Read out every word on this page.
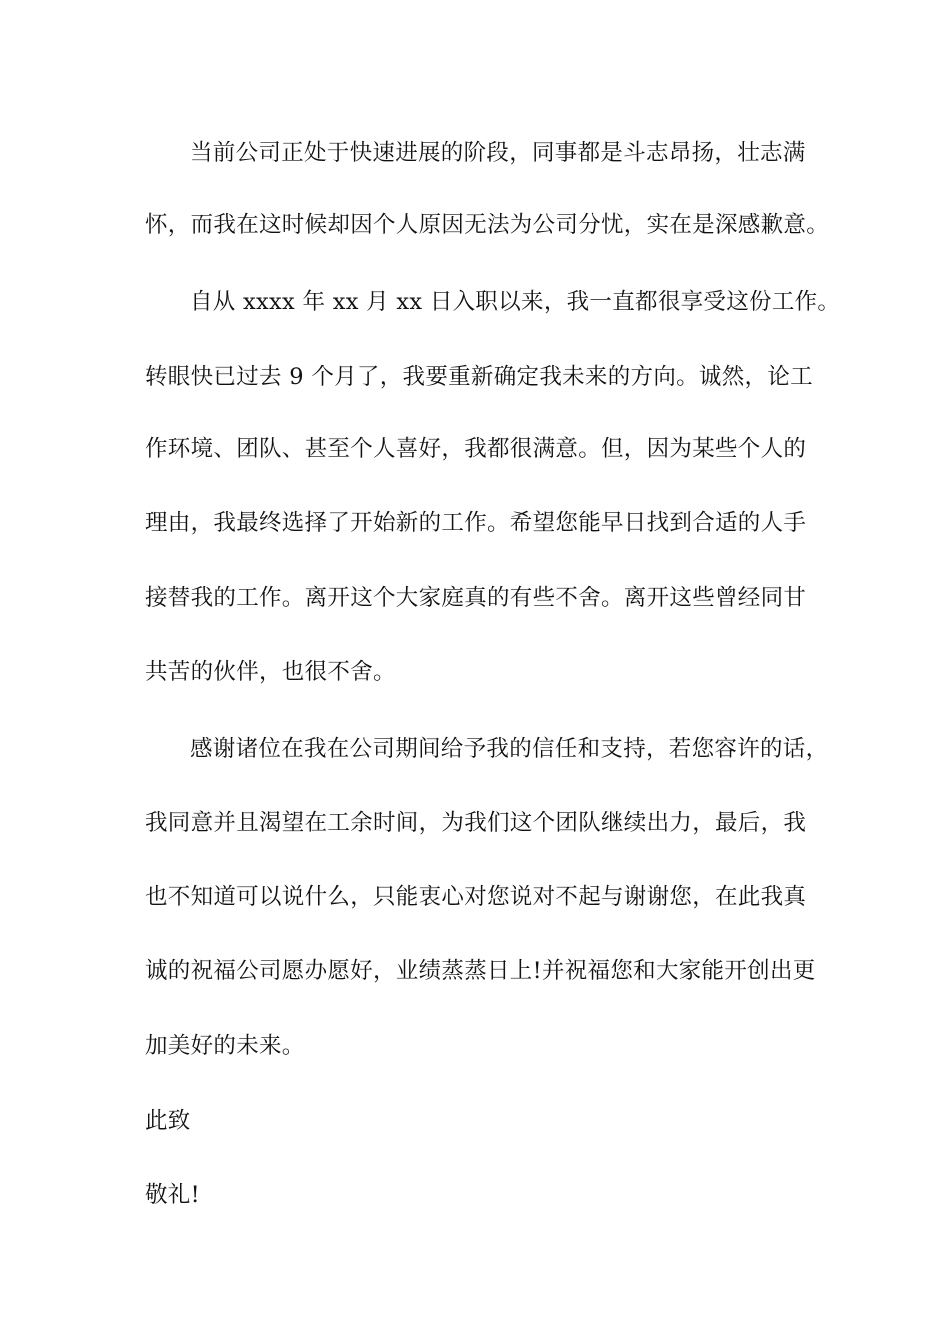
当前公司正处于快速进展的阶段，同事都是斗志昂扬，壮志满
怀，而我在这时候却因个人原因无法为公司分忧，实在是深感歉意。
自从 xxxx 年 xx 月 xx 日入职以来，我一直都很享受这份工作。
转眼快已过去 9 个月了，我要重新确定我未来的方向。诚然，论工
作环境、团队、甚至个人喜好，我都很满意。但，因为某些个人的
理由，我最终选择了开始新的工作。希望您能早日找到合适的人手
接替我的工作。离开这个大家庭真的有些不舍。离开这些曾经同甘
共苦的伙伴，也很不舍。
感谢诸位在我在公司期间给予我的信任和支持，若您容许的话，
我同意并且渴望在工余时间，为我们这个团队继续出力，最后，我
也不知道可以说什么，只能衷心对您说对不起与谢谢您，在此我真
诚的祝福公司愿办愿好，业绩蒸蒸日上!并祝福您和大家能开创出更
加美好的未来。
此致
敬礼!
